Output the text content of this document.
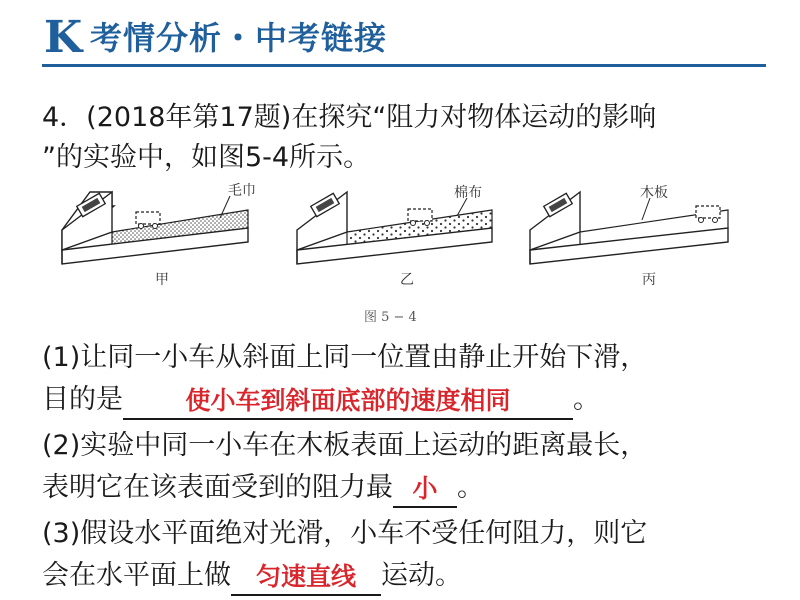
K 考情分析・中考链接
4．(2018年第17题)在探究“阻力对物体运动的影响
”的实验中，如图5-4所示。
毛巾
甲
棉布
乙
木板
丙
图 5 − 4
(1)让同一小车从斜面上同一位置由静止开始下滑，
目的是	使小车到斜面底部的速度相同	。
(2)实验中同一小车在木板表面上运动的距离最长，
表明它在该表面受到的阻力最 小 。
(3)假设水平面绝对光滑，小车不受任何阻力，则它
会在水平面上做 匀速直线 运动。
